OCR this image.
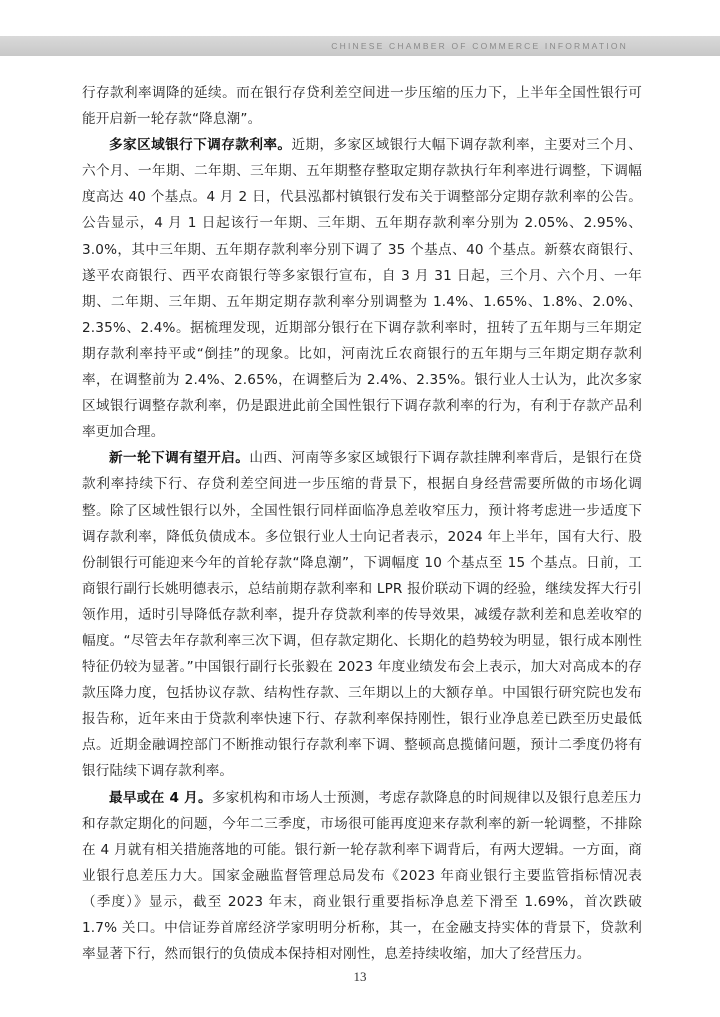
CHINESE CHAMBER OF COMMERCE INFORMATION

行存款利率调降的延续。而在银行存贷利差空间进一步压缩的压力下，上半年全国性银行可能开启新一轮存款“降息潮”。

多家区域银行下调存款利率。近期，多家区域银行大幅下调存款利率，主要对三个月、六个月、一年期、二年期、三年期、五年期整存整取定期存款执行年利率进行调整，下调幅度高达 40 个基点。4 月 2 日，代县泓都村镇银行发布关于调整部分定期存款利率的公告。公告显示，4 月 1 日起该行一年期、三年期、五年期存款利率分别为 2.05%、2.95%、3.0%，其中三年期、五年期存款利率分别下调了 35 个基点、40 个基点。新蔡农商银行、遂平农商银行、西平农商银行等多家银行宣布，自 3 月 31 日起，三个月、六个月、一年期、二年期、三年期、五年期定期存款利率分别调整为 1.4%、1.65%、1.8%、2.0%、2.35%、2.4%。据梳理发现，近期部分银行在下调存款利率时，扭转了五年期与三年期定期存款利率持平或“倒挂”的现象。比如，河南沈丘农商银行的五年期与三年期定期存款利率，在调整前为 2.4%、2.65%，在调整后为 2.4%、2.35%。银行业人士认为，此次多家区域银行调整存款利率，仍是跟进此前全国性银行下调存款利率的行为，有利于存款产品利率更加合理。

新一轮下调有望开启。山西、河南等多家区域银行下调存款挂牌利率背后，是银行在贷款利率持续下行、存贷利差空间进一步压缩的背景下，根据自身经营需要所做的市场化调整。除了区域性银行以外，全国性银行同样面临净息差收窄压力，预计将考虑进一步适度下调存款利率，降低负债成本。多位银行业人士向记者表示，2024 年上半年，国有大行、股份制银行可能迎来今年的首轮存款“降息潮”，下调幅度 10 个基点至 15 个基点。日前，工商银行副行长姚明德表示，总结前期存款利率和 LPR 报价联动下调的经验，继续发挥大行引领作用，适时引导降低存款利率，提升存贷款利率的传导效果，减缓存款利差和息差收窄的幅度。“尽管去年存款利率三次下调，但存款定期化、长期化的趋势较为明显，银行成本刚性特征仍较为显著。”中国银行副行长张毅在 2023 年度业绩发布会上表示，加大对高成本的存款压降力度，包括协议存款、结构性存款、三年期以上的大额存单。中国银行研究院也发布报告称，近年来由于贷款利率快速下行、存款利率保持刚性，银行业净息差已跌至历史最低点。近期金融调控部门不断推动银行存款利率下调、整顿高息揽储问题，预计二季度仍将有银行陆续下调存款利率。

最早或在 4 月。多家机构和市场人士预测，考虑存款降息的时间规律以及银行息差压力和存款定期化的问题，今年二三季度，市场很可能再度迎来存款利率的新一轮调整，不排除在 4 月就有相关措施落地的可能。银行新一轮存款利率下调背后，有两大逻辑。一方面，商业银行息差压力大。国家金融监督管理总局发布《2023 年商业银行主要监管指标情况表（季度）》显示，截至 2023 年末，商业银行重要指标净息差下滑至 1.69%，首次跌破 1.7% 关口。中信证券首席经济学家明明分析称，其一，在金融支持实体的背景下，贷款利率显著下行，然而银行的负债成本保持相对刚性，息差持续收缩，加大了经营压力。

13
